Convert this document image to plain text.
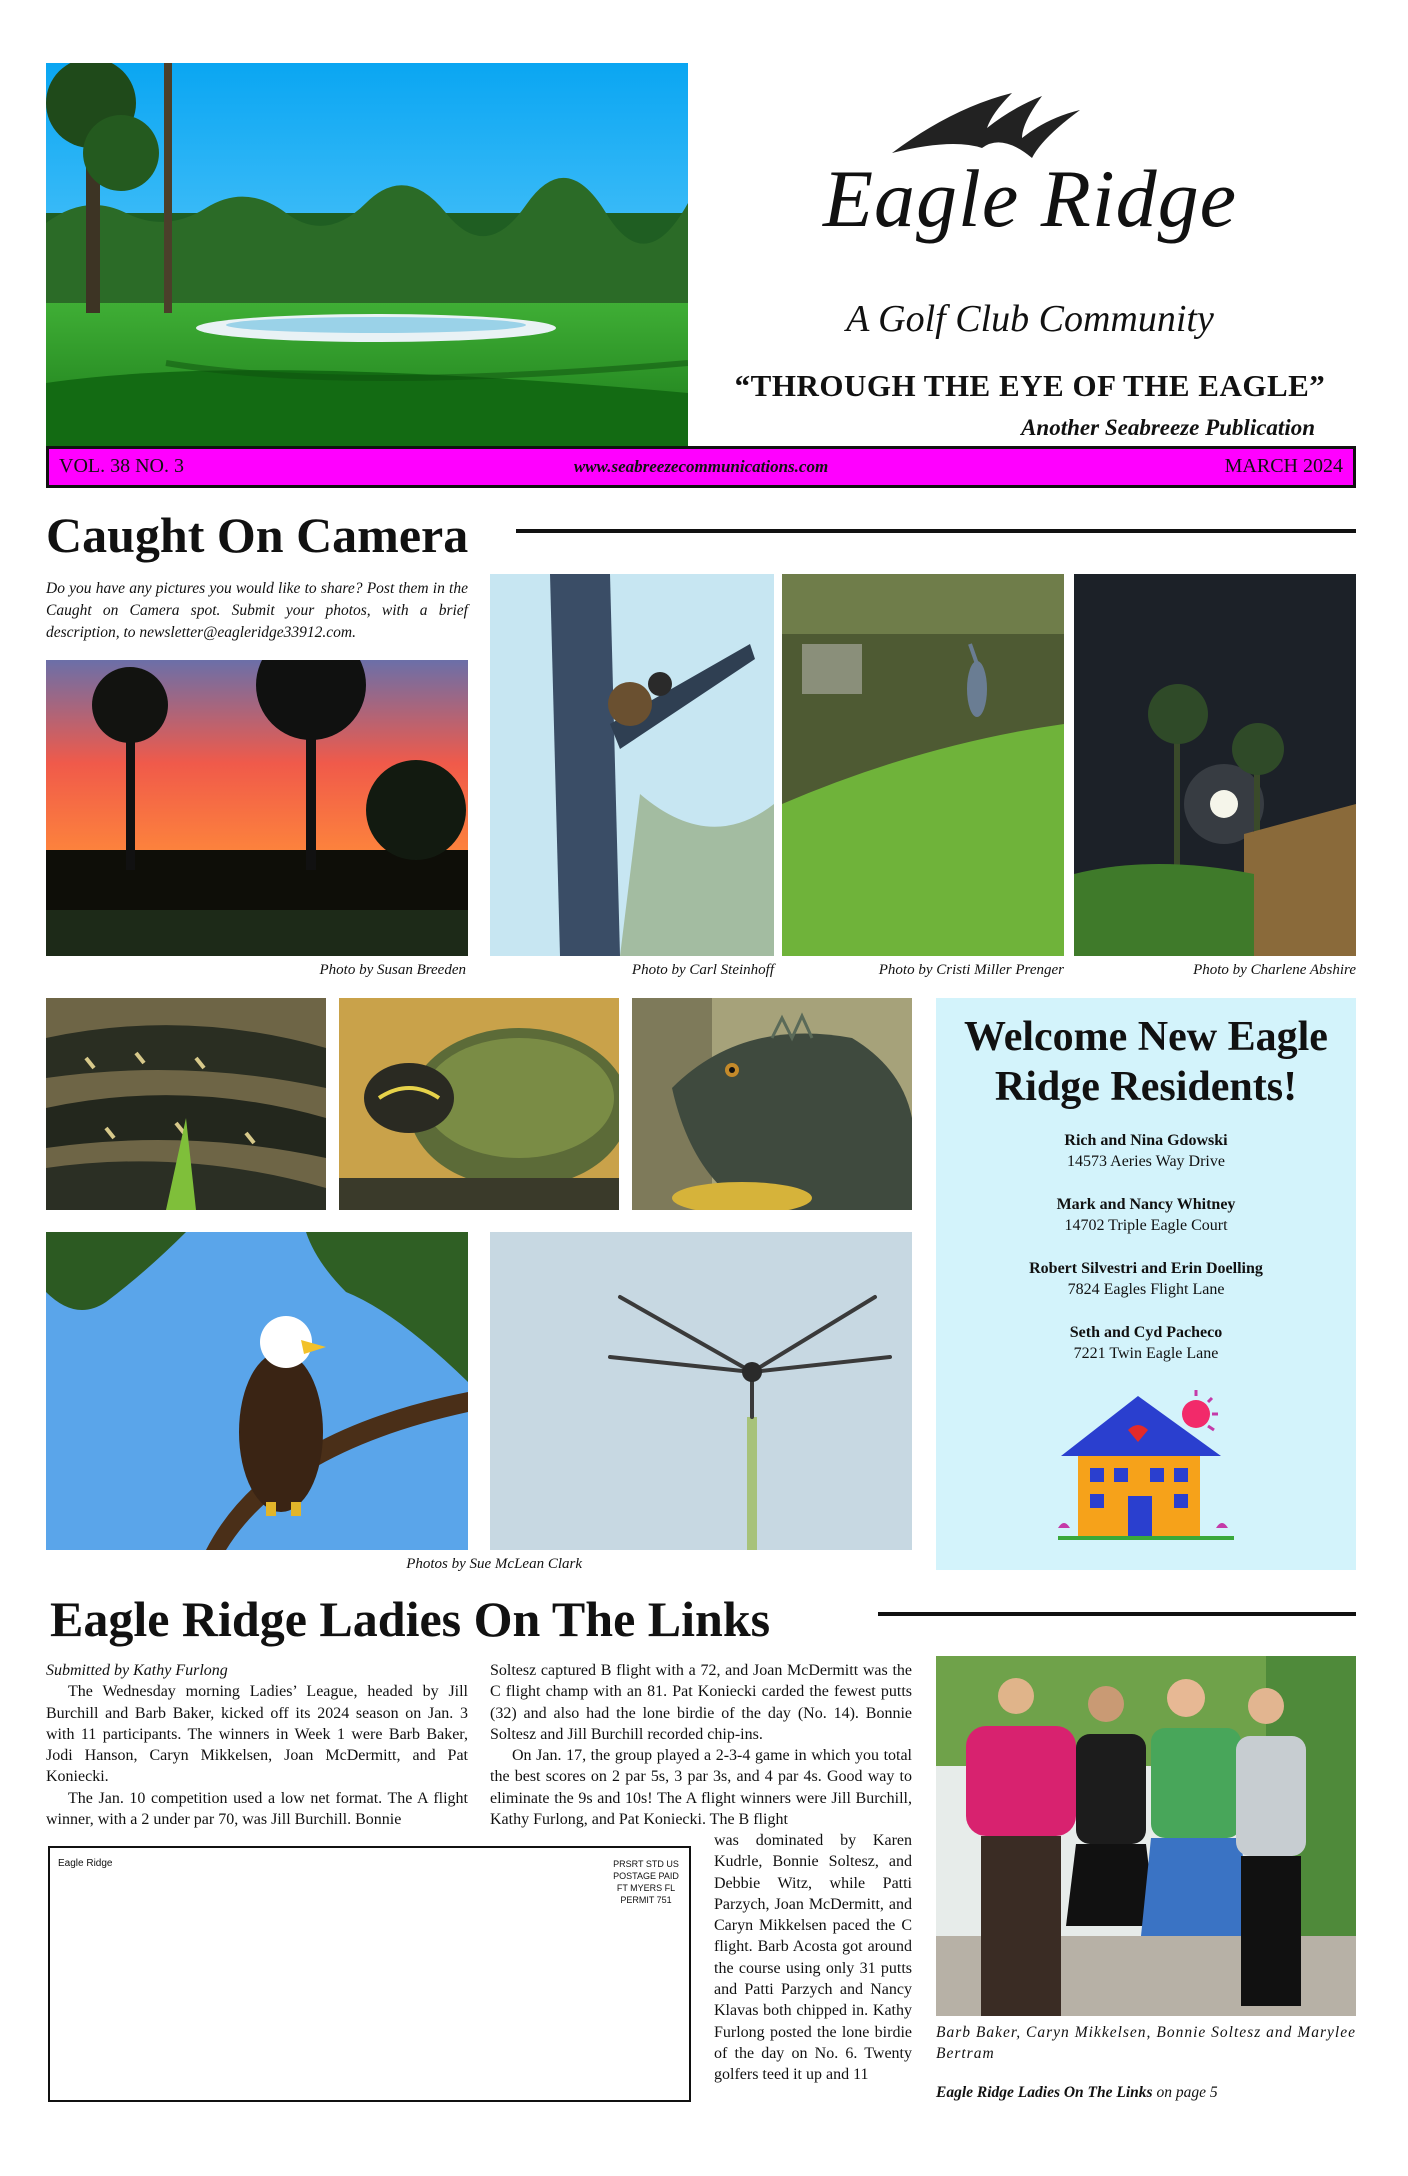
Eagle Ridge
A Golf Club Community
“THROUGH THE EYE OF THE EAGLE”
Another Seabreeze Publication
VOL. 38 NO. 3	www.seabreezecommunications.com	MARCH 2024
Caught On Camera
Do you have any pictures you would like to share? Post them in the Caught on Camera spot. Submit your photos, with a brief description, to newsletter@eagleridge33912.com.
Photo by Susan Breeden	Photo by Carl Steinhoff	Photo by Cristi Miller Prenger	Photo by Charlene Abshire
Photos by Sue McLean Clark
Welcome New Eagle Ridge Residents!
Rich and Nina Gdowski
14573 Aeries Way Drive
Mark and Nancy Whitney
14702 Triple Eagle Court
Robert Silvestri and Erin Doelling
7824 Eagles Flight Lane
Seth and Cyd Pacheco
7221 Twin Eagle Lane
Eagle Ridge Ladies On The Links

Submitted by Kathy Furlong

The Wednesday morning Ladies’ League, headed by Jill Burchill and Barb Baker, kicked off its 2024 season on Jan. 3 with 11 participants. The winners in Week 1 were Barb Baker, Jodi Hanson, Caryn Mikkelsen, Joan McDermitt, and Pat Koniecki.

The Jan. 10 competition used a low net format. The A flight winner, with a 2 under par 70, was Jill Burchill. Bonnie

Soltesz captured B flight with a 72, and Joan McDermitt was the C flight champ with an 81. Pat Koniecki carded the fewest putts (32) and also had the lone birdie of the day (No. 14). Bonnie Soltesz and Jill Burchill recorded chip-ins.

On Jan. 17, the group played a 2-3-4 game in which you total the best scores on 2 par 5s, 3 par 3s, and 4 par 4s. Good way to eliminate the 9s and 10s! The A flight winners were Jill Burchill, Kathy Furlong, and Pat Koniecki. The B flight

was dominated by Karen Kudrle, Bonnie Soltesz, and Debbie Witz, while Patti Parzych, Joan McDermitt, and Caryn Mikkelsen paced the C flight. Barb Acosta got around the course using only 31 putts and Patti Parzych and Nancy Klavas both chipped in. Kathy Furlong posted the lone birdie of the day on No. 6. Twenty golfers teed it up and 11

Eagle Ridge	PRSRT STD US POSTAGE PAID FT MYERS FL PERMIT 751
Barb Baker, Caryn Mikkelsen, Bonnie Soltesz and Marylee Bertram
Eagle Ridge Ladies On The Links on page 5
